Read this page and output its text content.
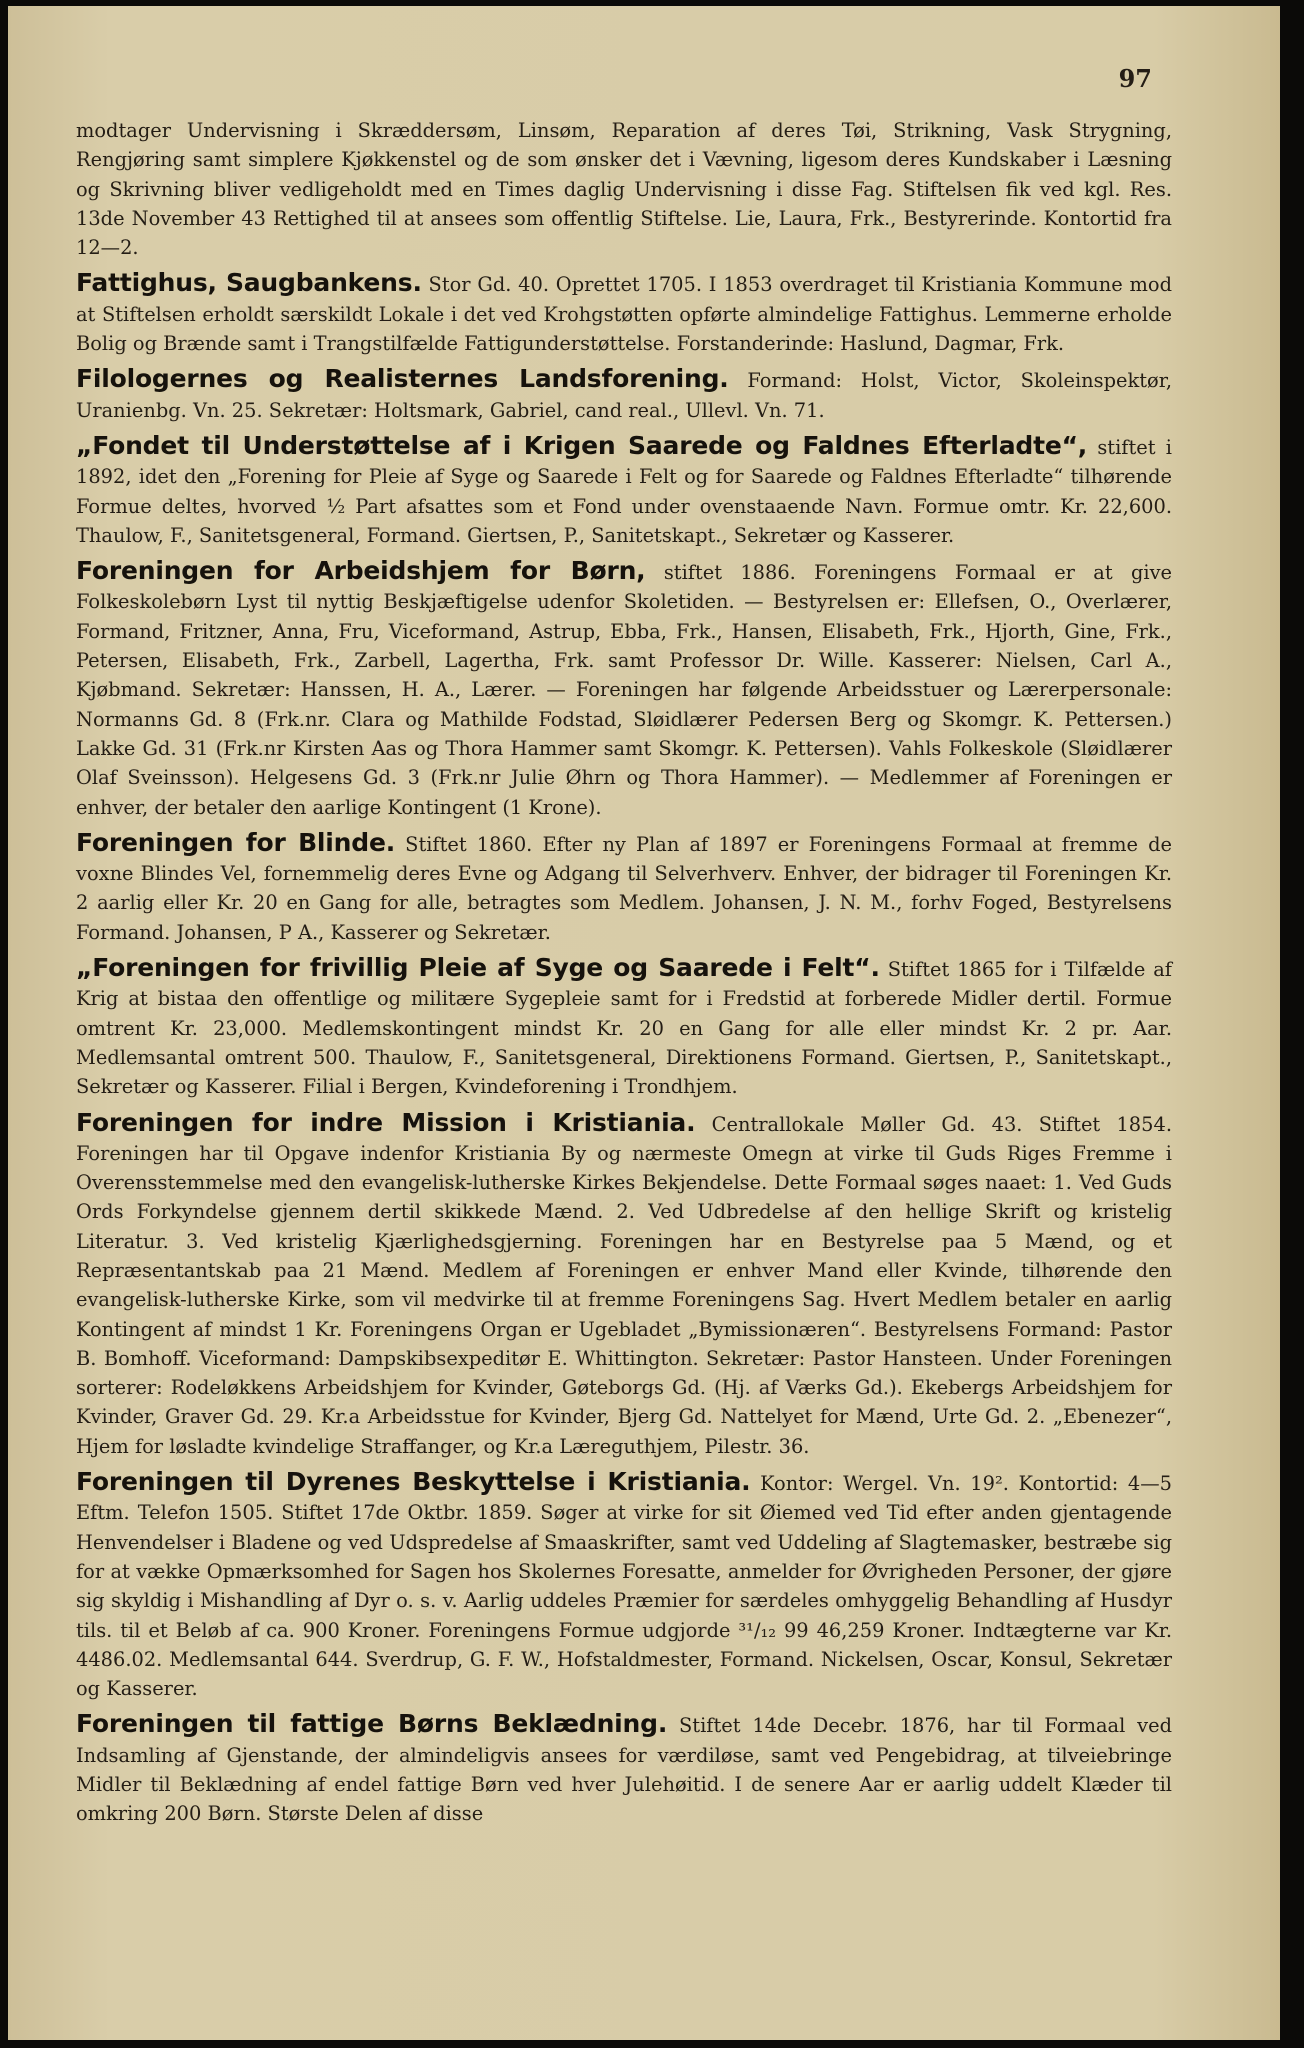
97

modtager Undervisning i Skræddersøm, Linsøm, Reparation af deres Tøi, Strikning, Vask Strygning, Rengjøring samt simplere Kjøkkenstel og de som ønsker det i Vævning, ligesom deres Kundskaber i Læsning og Skrivning bliver vedligeholdt med en Times daglig Undervisning i disse Fag. Stiftelsen fik ved kgl. Res. 13de November 43 Rettighed til at ansees som offentlig Stiftelse. Lie, Laura, Frk., Bestyrerinde. Kontortid fra 12—2.

Fattighus, Saugbankens. Stor Gd. 40. Oprettet 1705. I 1853 overdraget til Kristiania Kommune mod at Stiftelsen erholdt særskildt Lokale i det ved Krohgstøtten opførte almindelige Fattighus. Lemmerne erholde Bolig og Brænde samt i Trangstilfælde Fattigunderstøttelse. Forstanderinde: Haslund, Dagmar, Frk.

Filologernes og Realisternes Landsforening. Formand: Holst, Victor, Skoleinspektør, Uranienbg. Vn. 25. Sekretær: Holtsmark, Gabriel, cand real., Ullevl. Vn. 71.

„Fondet til Understøttelse af i Krigen Saarede og Faldnes Efterladte“, stiftet i 1892, idet den „Forening for Pleie af Syge og Saarede i Felt og for Saarede og Faldnes Efterladte“ tilhørende Formue deltes, hvorved ½ Part afsattes som et Fond under ovenstaaende Navn. Formue omtr. Kr. 22,600. Thaulow, F., Sanitetsgeneral, Formand. Giertsen, P., Sanitetskapt., Sekretær og Kasserer.

Foreningen for Arbeidshjem for Børn, stiftet 1886. Foreningens Formaal er at give Folkeskolebørn Lyst til nyttig Beskjæftigelse udenfor Skoletiden. — Bestyrelsen er: Ellefsen, O., Overlærer, Formand, Fritzner, Anna, Fru, Viceformand, Astrup, Ebba, Frk., Hansen, Elisabeth, Frk., Hjorth, Gine, Frk., Petersen, Elisabeth, Frk., Zarbell, Lagertha, Frk. samt Professor Dr. Wille. Kasserer: Nielsen, Carl A., Kjøbmand. Sekretær: Hanssen, H. A., Lærer. — Foreningen har følgende Arbeidsstuer og Lærerpersonale: Normanns Gd. 8 (Frk.nr. Clara og Mathilde Fodstad, Sløidlærer Pedersen Berg og Skomgr. K. Pettersen.) Lakke Gd. 31 (Frk.nr Kirsten Aas og Thora Hammer samt Skomgr. K. Pettersen). Vahls Folkeskole (Sløidlærer Olaf Sveinsson). Helgesens Gd. 3 (Frk.nr Julie Øhrn og Thora Hammer). — Medlemmer af Foreningen er enhver, der betaler den aarlige Kontingent (1 Krone).

Foreningen for Blinde. Stiftet 1860. Efter ny Plan af 1897 er Foreningens Formaal at fremme de voxne Blindes Vel, fornemmelig deres Evne og Adgang til Selverhverv. Enhver, der bidrager til Foreningen Kr. 2 aarlig eller Kr. 20 en Gang for alle, betragtes som Medlem. Johansen, J. N. M., forhv Foged, Bestyrelsens Formand. Johansen, P A., Kasserer og Sekretær.

„Foreningen for frivillig Pleie af Syge og Saarede i Felt“. Stiftet 1865 for i Tilfælde af Krig at bistaa den offentlige og militære Sygepleie samt for i Fredstid at forberede Midler dertil. Formue omtrent Kr. 23,000. Medlemskontingent mindst Kr. 20 en Gang for alle eller mindst Kr. 2 pr. Aar. Medlemsantal omtrent 500. Thaulow, F., Sanitetsgeneral, Direktionens Formand. Giertsen, P., Sanitetskapt., Sekretær og Kasserer. Filial i Bergen, Kvindeforening i Trondhjem.

Foreningen for indre Mission i Kristiania. Centrallokale Møller Gd. 43. Stiftet 1854. Foreningen har til Opgave indenfor Kristiania By og nærmeste Omegn at virke til Guds Riges Fremme i Overensstemmelse med den evangelisk-lutherske Kirkes Bekjendelse. Dette Formaal søges naaet: 1. Ved Guds Ords Forkyndelse gjennem dertil skikkede Mænd. 2. Ved Udbredelse af den hellige Skrift og kristelig Literatur. 3. Ved kristelig Kjærlighedsgjerning. Foreningen har en Bestyrelse paa 5 Mænd, og et Repræsentantskab paa 21 Mænd. Medlem af Foreningen er enhver Mand eller Kvinde, tilhørende den evangelisk-lutherske Kirke, som vil medvirke til at fremme Foreningens Sag. Hvert Medlem betaler en aarlig Kontingent af mindst 1 Kr. Foreningens Organ er Ugebladet „Bymissionæren“. Bestyrelsens Formand: Pastor B. Bomhoff. Viceformand: Dampskibsexpeditør E. Whittington. Sekretær: Pastor Hansteen. Under Foreningen sorterer: Rodeløkkens Arbeidshjem for Kvinder, Gøteborgs Gd. (Hj. af Værks Gd.). Ekebergs Arbeidshjem for Kvinder, Graver Gd. 29. Kr.a Arbeidsstue for Kvinder, Bjerg Gd. Nattelyet for Mænd, Urte Gd. 2. „Ebenezer“, Hjem for løsladte kvindelige Straffanger, og Kr.a Læreguthjem, Pilestr. 36.

Foreningen til Dyrenes Beskyttelse i Kristiania. Kontor: Wergel. Vn. 19². Kontortid: 4—5 Eftm. Telefon 1505. Stiftet 17de Oktbr. 1859. Søger at virke for sit Øiemed ved Tid efter anden gjentagende Henvendelser i Bladene og ved Udspredelse af Smaaskrifter, samt ved Uddeling af Slagtemasker, bestræbe sig for at vække Opmærksomhed for Sagen hos Skolernes Foresatte, anmelder for Øvrigheden Personer, der gjøre sig skyldig i Mishandling af Dyr o. s. v. Aarlig uddeles Præmier for særdeles omhyggelig Behandling af Husdyr tils. til et Beløb af ca. 900 Kroner. Foreningens Formue udgjorde ³¹/₁₂ 99 46,259 Kroner. Indtægterne var Kr. 4486.02. Medlemsantal 644. Sverdrup, G. F. W., Hofstaldmester, Formand. Nickelsen, Oscar, Konsul, Sekretær og Kasserer.

Foreningen til fattige Børns Beklædning. Stiftet 14de Decebr. 1876, har til Formaal ved Indsamling af Gjenstande, der almindeligvis ansees for værdiløse, samt ved Pengebidrag, at tilveiebringe Midler til Beklædning af endel fattige Børn ved hver Julehøitid. I de senere Aar er aarlig uddelt Klæder til omkring 200 Børn. Største Delen af disse
